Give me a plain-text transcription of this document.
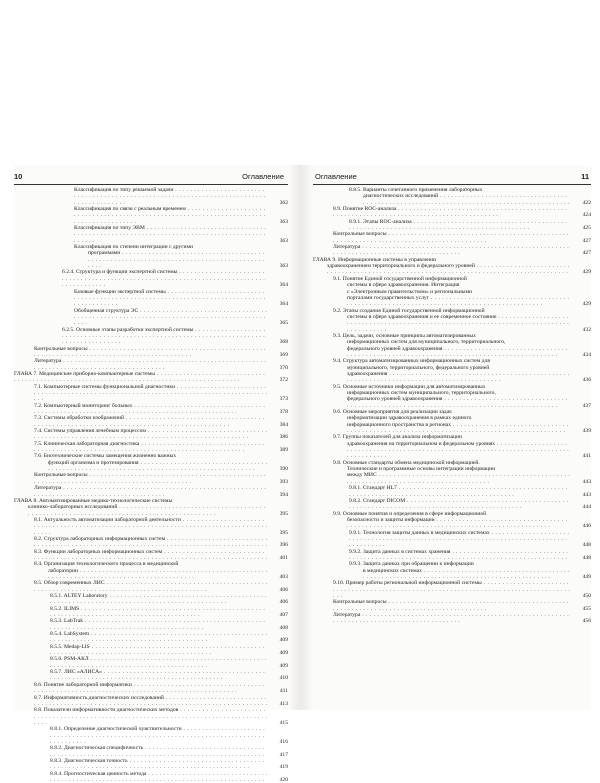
10	Оглавление
Классификация по типу решаемой задачи . . .
362
Классификация по связи с реальным временем . . .
363
Классификация по типу ЭВМ . . .
363
Классификация по степени интеграции с другими
программами . . .
363
6.2.4. Структура и функции экспертной системы . . .
364
Базовые функции экспертной системы . . .
364
Обобщенная структура ЭС . . .
365
6.2.5. Основные этапы разработки экспертной системы . . .
368
Контрольные вопросы . . .
369
Литература . . .
370
ГЛАВА 7. Медицинские приборно-компьютерные системы . . .
372
7.1. Компьютерные системы функциональной диагностики . . .
373
7.2. Компьютерный мониторинг больных . . .
378
7.3. Системы обработки изображений . . .
384
7.4. Системы управления лечебным процессом . . .
386
7.5. Клиническая лабораторная диагностика . . .
389
7.6. Биотехнические системы замещения жизненно важных
функций организма и протезирования . . .
390
Контрольные вопросы . . .
393
Литература . . .
394
ГЛАВА 8. Автоматизированные медико-технологические системы
клинико-лабораторных исследований . . .
395
8.1. Актуальность автоматизации лабораторной деятельности . . .
395
8.2. Структура лабораторных информационных систем . . .
396
8.3. Функции лабораторных информационных систем . . .
401
8.4. Организация технологического процесса в медицинской
лаборатории . . .
403
8.5. Обзор современных ЛИС . . .
406
8.5.1. ALTEY Laboratory . . .
406
8.5.2. ILIMS . . .
407
8.5.3. LabTrak . . .
408
8.5.4. LabSystem . . .
409
8.5.5. Medap-LIS . . .
409
8.5.6. PSM-АКЛ . . .
409
8.5.7. ЛИС «АЛИСА» . . .
410
8.6. Понятие лабораторной информатики . . .
411
8.7. Информативность диагностических исследований . . .
413
8.8. Показатели информативности диагностических методов . . .
415
8.8.1. Определение диагностической чувствительности . . .
416
8.8.2. Диагностическая специфичность . . .
417
8.8.3. Диагностическая точность . . .
419
8.8.4. Прогностическая ценность метода . . .
420
Оглавление	11
8.8.5. Варианты сочетанного применения лабораторных
диагностических исследований . . .
422
8.9. Понятие ROC-анализа . . .
424
8.9.1. Этапы ROC-анализа . . .
425
Контрольные вопросы . . .
427
Литература . . .
427
ГЛАВА 9. Информационные системы в управлении
здравоохранением территориального и федерального уровней . . .
429
9.1. Понятие Единой государственной информационной
системы в сфере здравоохранения. Интеграция
с «Электронным правительством» и региональными
порталами государственных услуг . . .
429
9.2. Этапы создания Единой государственной информационной
системы в сфере здравоохранения и ее современное состояние . . .
432
9.3. Цель, задачи, основные принципы автоматизированных
информационных систем для муниципального, территориального,
федерального уровней здравоохранения . . .
434
9.4. Структура автоматизированных информационных систем для
муниципального, территориального, федерального уровней
здравоохранения . . .
436
9.5. Основные источники информации для автоматизированных
информационных систем муниципального, территориального,
федерального уровней здравоохранения . . .
437
9.6. Основные мероприятия для реализации задач
информатизации здравоохранения в рамках единого
информационного пространства в регионах . . .
439
9.7. Группы показателей для анализа информатизации
здравоохранения на территориальном и федеральном уровнях . . .
441
9.8. Основные стандарты обмена медицинской информацией.
Технические и программные основы интеграции информации
между МИС . . .
443
9.8.1. Стандарт HL7 . . .
443
9.8.2. Стандарт DICOM . . .
444
9.9. Основные понятия и определения в сфере информационной
безопасности и защиты информации . . .
446
9.9.1. Технология защиты данных в медицинских системах . . .
448
9.9.2. Защита данных в системах хранения . . .
448
9.9.3. Защита данных при обращении к информации
в медицинских системах . . .
449
9.10. Пример работы региональной информационной системы . . .
450
Контрольные вопросы . . .
455
Литература . . .
456
